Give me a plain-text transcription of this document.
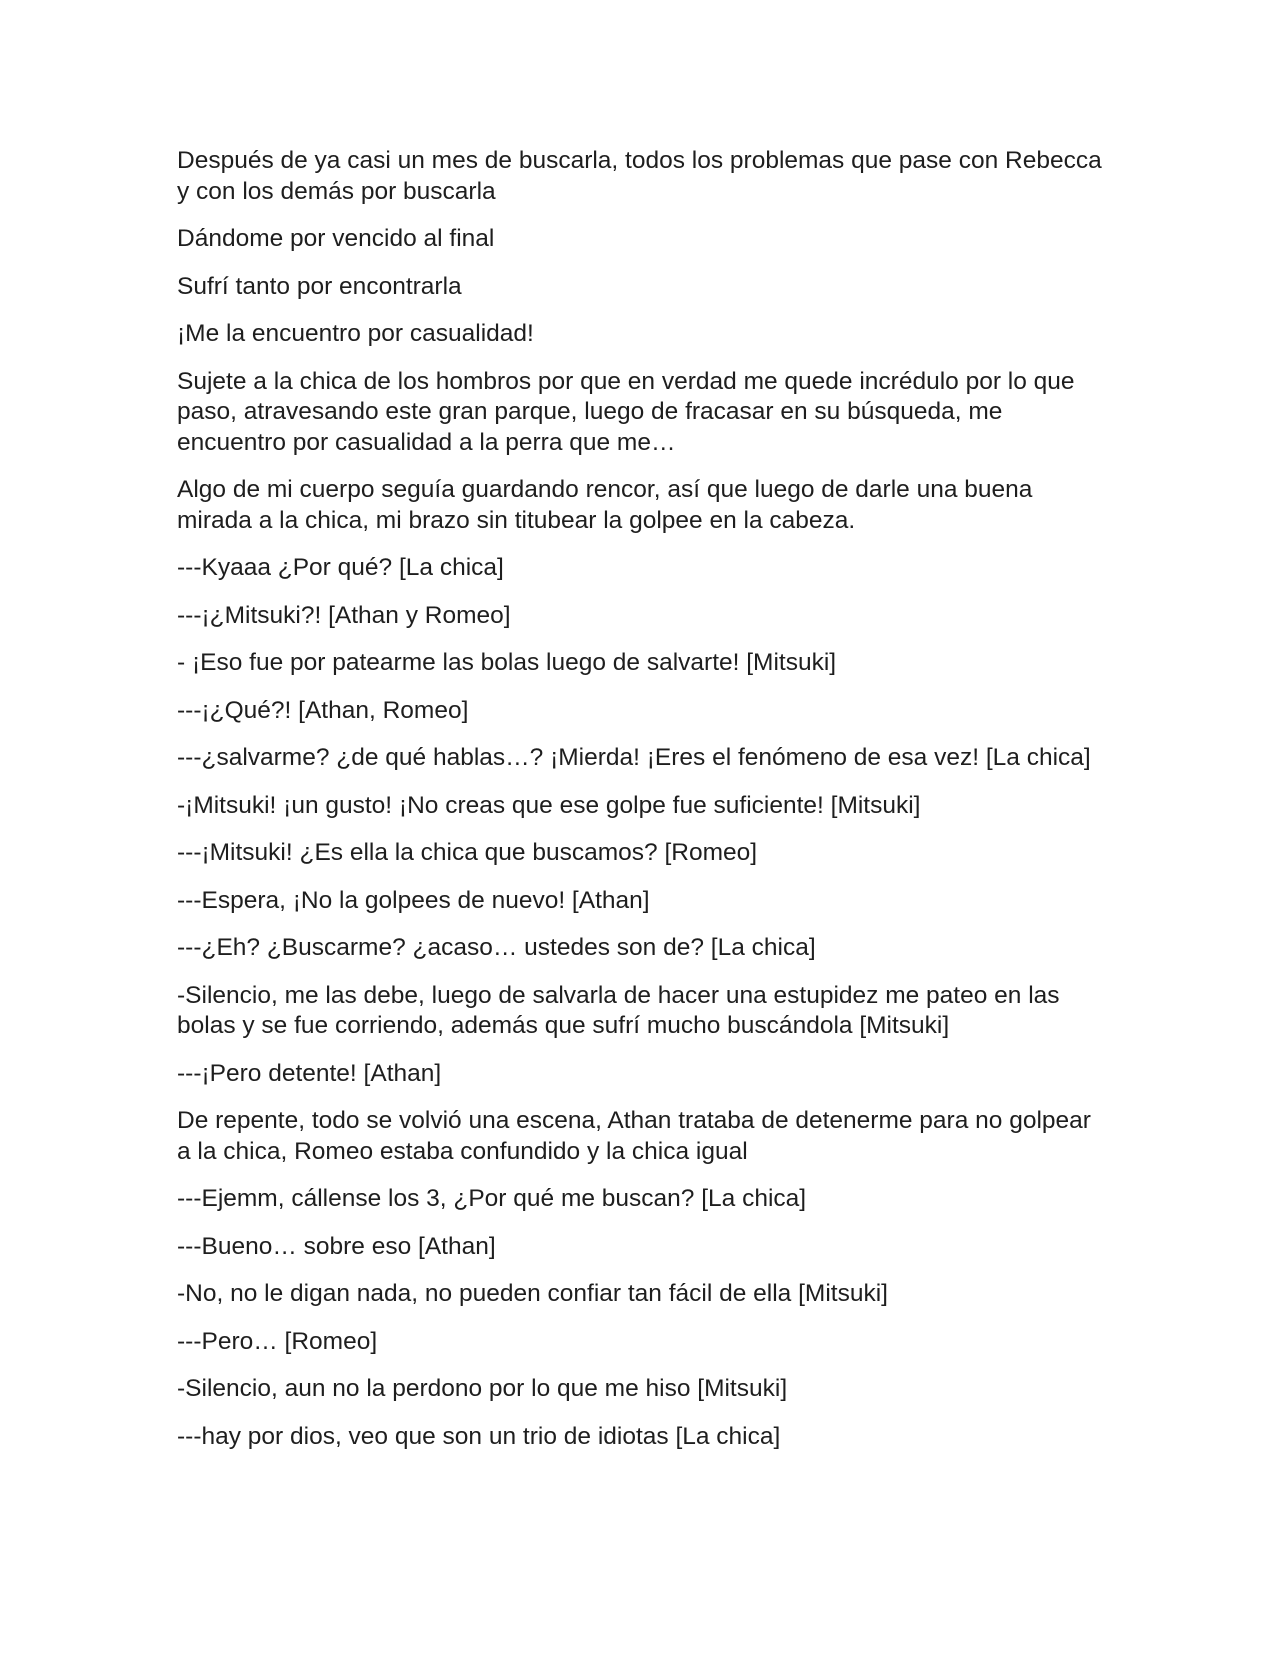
Después de ya casi un mes de buscarla, todos los problemas que pase con Rebecca y con los demás por buscarla

Dándome por vencido al final

Sufrí tanto por encontrarla

¡Me la encuentro por casualidad!

Sujete a la chica de los hombros por que en verdad me quede incrédulo por lo que paso, atravesando este gran parque, luego de fracasar en su búsqueda, me encuentro por casualidad a la perra que me…

Algo de mi cuerpo seguía guardando rencor, así que luego de darle una buena mirada a la chica, mi brazo sin titubear la golpee en la cabeza.

---Kyaaa ¿Por qué? [La chica]

---¡¿Mitsuki?! [Athan y Romeo]

- ¡Eso fue por patearme las bolas luego de salvarte! [Mitsuki]

---¡¿Qué?! [Athan, Romeo]

---¿salvarme? ¿de qué hablas…? ¡Mierda! ¡Eres el fenómeno de esa vez! [La chica]

-¡Mitsuki! ¡un gusto! ¡No creas que ese golpe fue suficiente! [Mitsuki]

---¡Mitsuki! ¿Es ella la chica que buscamos? [Romeo]

---Espera, ¡No la golpees de nuevo! [Athan]

---¿Eh? ¿Buscarme? ¿acaso… ustedes son de? [La chica]

-Silencio, me las debe, luego de salvarla de hacer una estupidez me pateo en las bolas y se fue corriendo, además que sufrí mucho buscándola [Mitsuki]

---¡Pero detente! [Athan]

De repente, todo se volvió una escena, Athan trataba de detenerme para no golpear a la chica, Romeo estaba confundido y la chica igual

---Ejemm, cállense los 3, ¿Por qué me buscan? [La chica]

---Bueno… sobre eso [Athan]

-No, no le digan nada, no pueden confiar tan fácil de ella [Mitsuki]

---Pero… [Romeo]

-Silencio, aun no la perdono por lo que me hiso [Mitsuki]

---hay por dios, veo que son un trio de idiotas [La chica]
